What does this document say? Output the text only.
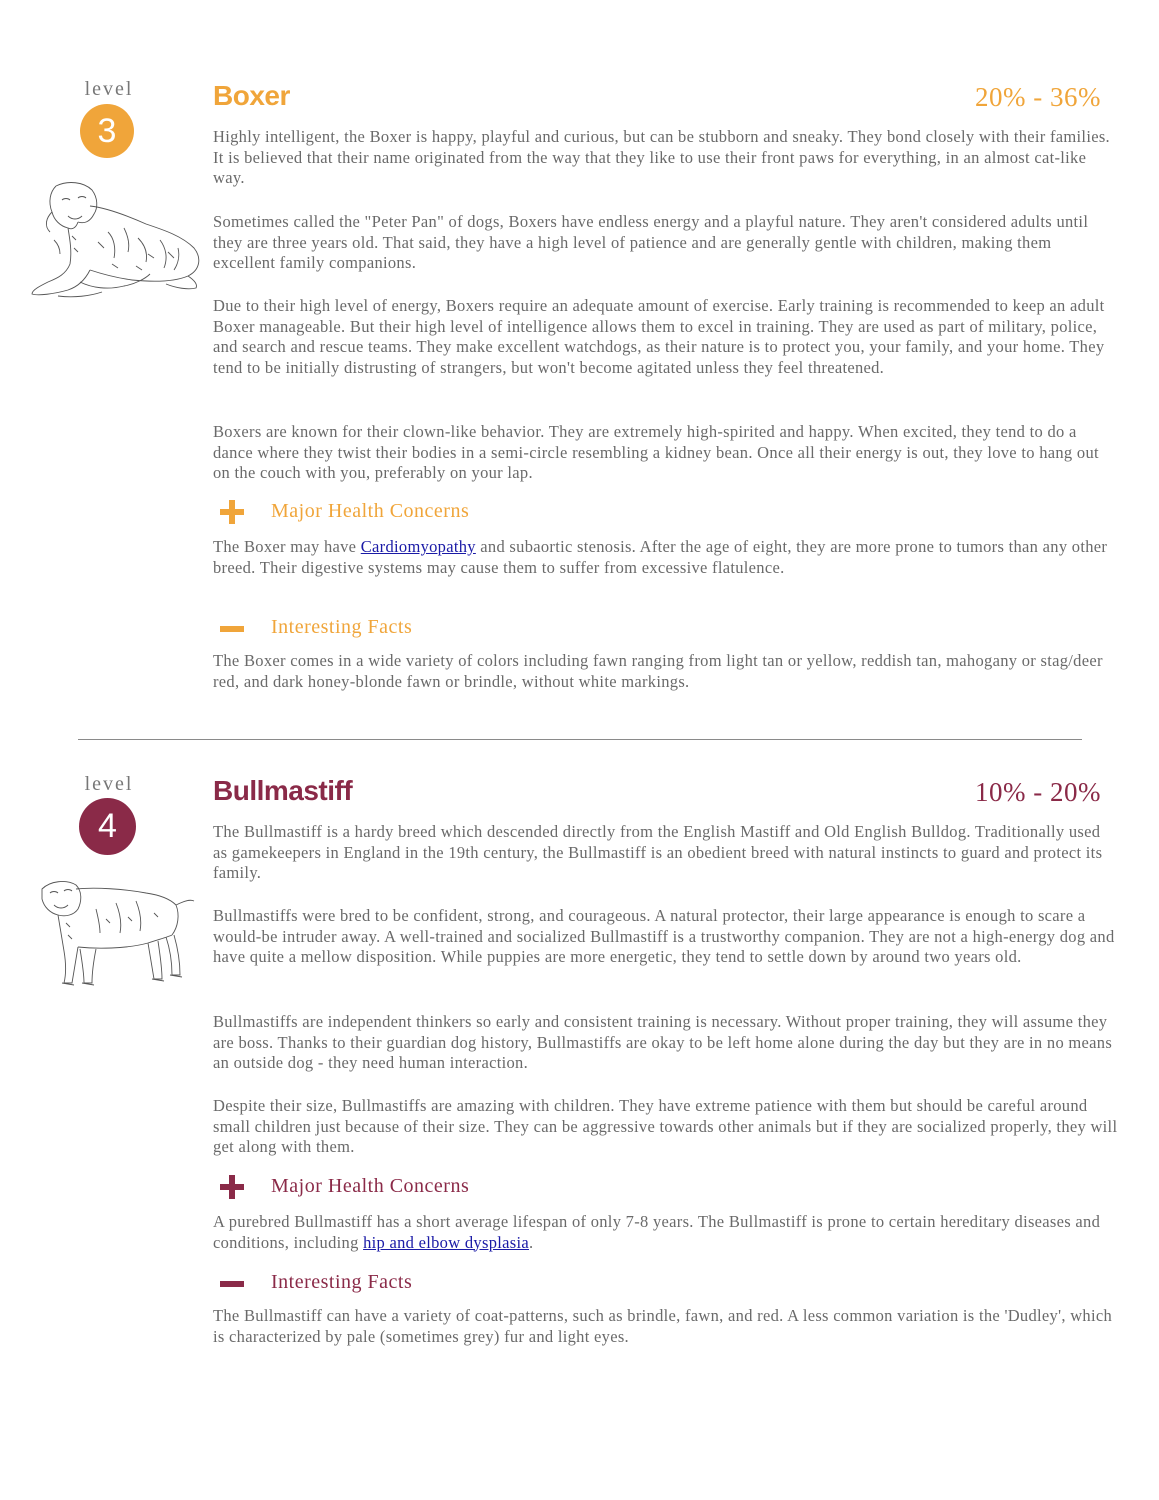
level
3
Boxer	20% - 36%

Highly intelligent, the Boxer is happy, playful and curious, but can be stubborn and sneaky. They bond closely with their families. It is believed that their name originated from the way that they like to use their front paws for everything, in an almost cat-like way.

Sometimes called the "Peter Pan" of dogs, Boxers have endless energy and a playful nature. They aren't considered adults until they are three years old. That said, they have a high level of patience and are generally gentle with children, making them excellent family companions.

Due to their high level of energy, Boxers require an adequate amount of exercise. Early training is recommended to keep an adult Boxer manageable. But their high level of intelligence allows them to excel in training. They are used as part of military, police, and search and rescue teams. They make excellent watchdogs, as their nature is to protect you, your family, and your home. They tend to be initially distrusting of strangers, but won't become agitated unless they feel threatened.

Boxers are known for their clown-like behavior. They are extremely high-spirited and happy. When excited, they tend to do a dance where they twist their bodies in a semi-circle resembling a kidney bean. Once all their energy is out, they love to hang out on the couch with you, preferably on your lap.

Major Health Concerns

The Boxer may have Cardiomyopathy and subaortic stenosis. After the age of eight, they are more prone to tumors than any other breed. Their digestive systems may cause them to suffer from excessive flatulence.

Interesting Facts

The Boxer comes in a wide variety of colors including fawn ranging from light tan or yellow, reddish tan, mahogany or stag/deer red, and dark honey-blonde fawn or brindle, without white markings.

level
4
Bullmastiff	10% - 20%

The Bullmastiff is a hardy breed which descended directly from the English Mastiff and Old English Bulldog. Traditionally used as gamekeepers in England in the 19th century, the Bullmastiff is an obedient breed with natural instincts to guard and protect its family.

Bullmastiffs were bred to be confident, strong, and courageous. A natural protector, their large appearance is enough to scare a would-be intruder away. A well-trained and socialized Bullmastiff is a trustworthy companion. They are not a high-energy dog and have quite a mellow disposition. While puppies are more energetic, they tend to settle down by around two years old.

Bullmastiffs are independent thinkers so early and consistent training is necessary. Without proper training, they will assume they are boss. Thanks to their guardian dog history, Bullmastiffs are okay to be left home alone during the day but they are in no means an outside dog - they need human interaction.

Despite their size, Bullmastiffs are amazing with children. They have extreme patience with them but should be careful around small children just because of their size. They can be aggressive towards other animals but if they are socialized properly, they will get along with them.

Major Health Concerns

A purebred Bullmastiff has a short average lifespan of only 7-8 years. The Bullmastiff is prone to certain hereditary diseases and conditions, including hip and elbow dysplasia.

Interesting Facts

The Bullmastiff can have a variety of coat-patterns, such as brindle, fawn, and red. A less common variation is the 'Dudley', which is characterized by pale (sometimes grey) fur and light eyes.
